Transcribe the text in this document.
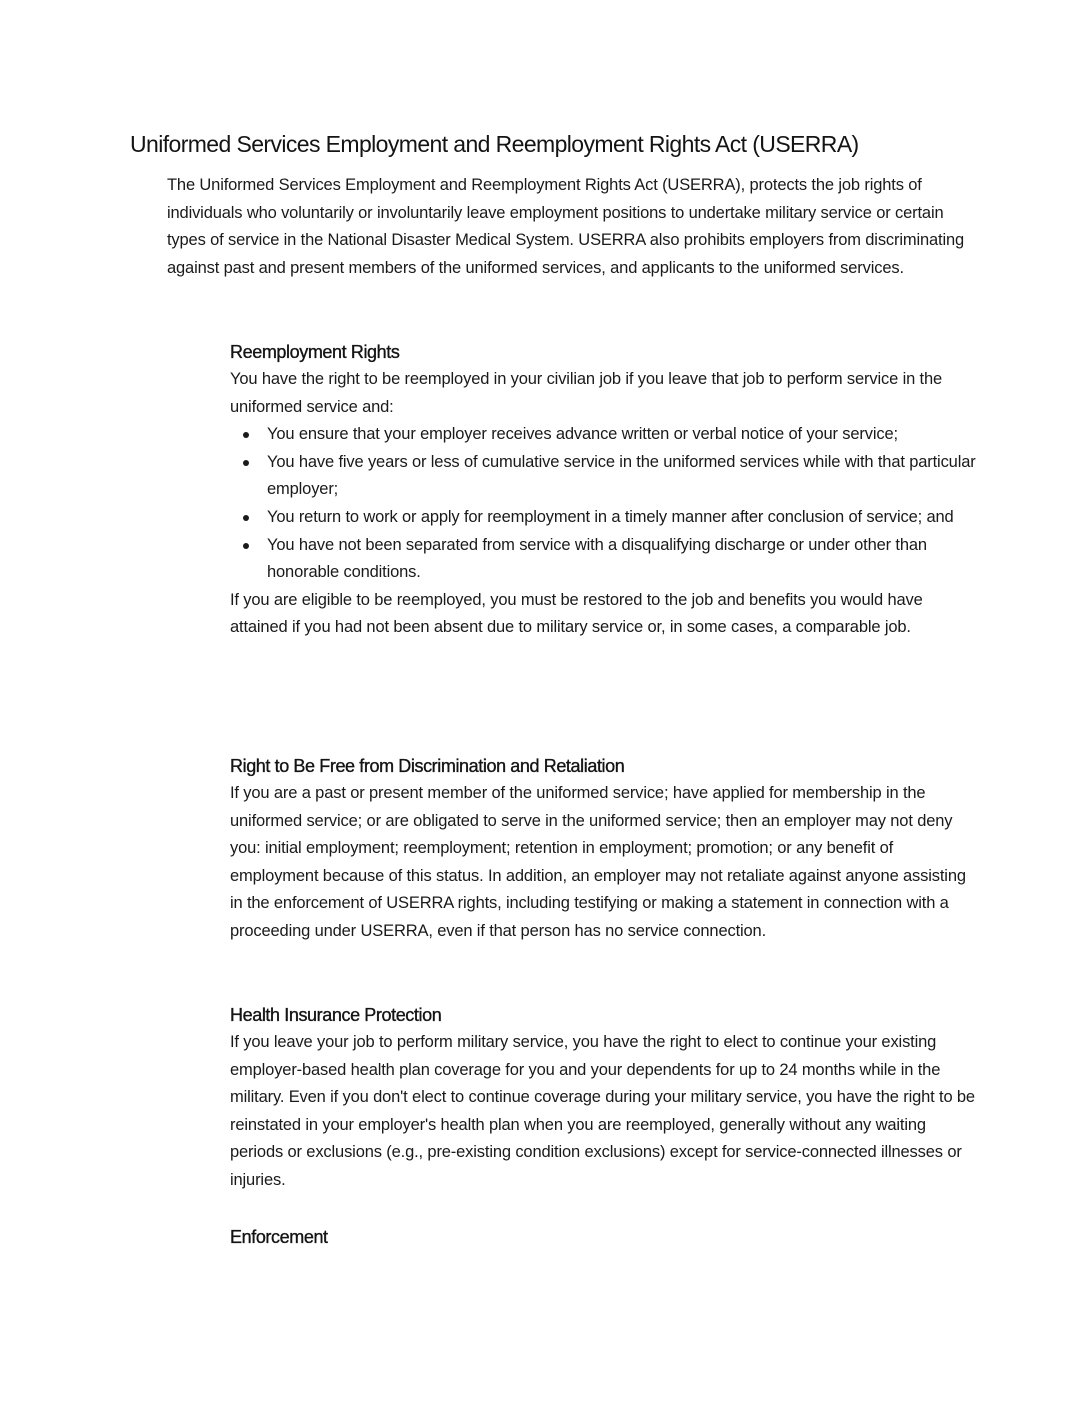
Uniformed Services Employment and Reemployment Rights Act (USERRA)

The Uniformed Services Employment and Reemployment Rights Act (USERRA), protects the job rights of individuals who voluntarily or involuntarily leave employment positions to undertake military service or certain types of service in the National Disaster Medical System. USERRA also prohibits employers from discriminating against past and present members of the uniformed services, and applicants to the uniformed services.

Reemployment Rights

You have the right to be reemployed in your civilian job if you leave that job to perform service in the uniformed service and:

You ensure that your employer receives advance written or verbal notice of your service;
You have five years or less of cumulative service in the uniformed services while with that particular employer;
You return to work or apply for reemployment in a timely manner after conclusion of service; and
You have not been separated from service with a disqualifying discharge or under other than honorable conditions.

If you are eligible to be reemployed, you must be restored to the job and benefits you would have attained if you had not been absent due to military service or, in some cases, a comparable job.

Right to Be Free from Discrimination and Retaliation

If you are a past or present member of the uniformed service; have applied for membership in the uniformed service; or are obligated to serve in the uniformed service; then an employer may not deny you: initial employment; reemployment; retention in employment; promotion; or any benefit of employment because of this status. In addition, an employer may not retaliate against anyone assisting in the enforcement of USERRA rights, including testifying or making a statement in connection with a proceeding under USERRA, even if that person has no service connection.

Health Insurance Protection

If you leave your job to perform military service, you have the right to elect to continue your existing employer-based health plan coverage for you and your dependents for up to 24 months while in the military. Even if you don't elect to continue coverage during your military service, you have the right to be reinstated in your employer's health plan when you are reemployed, generally without any waiting periods or exclusions (e.g., pre-existing condition exclusions) except for service-connected illnesses or injuries.

Enforcement
